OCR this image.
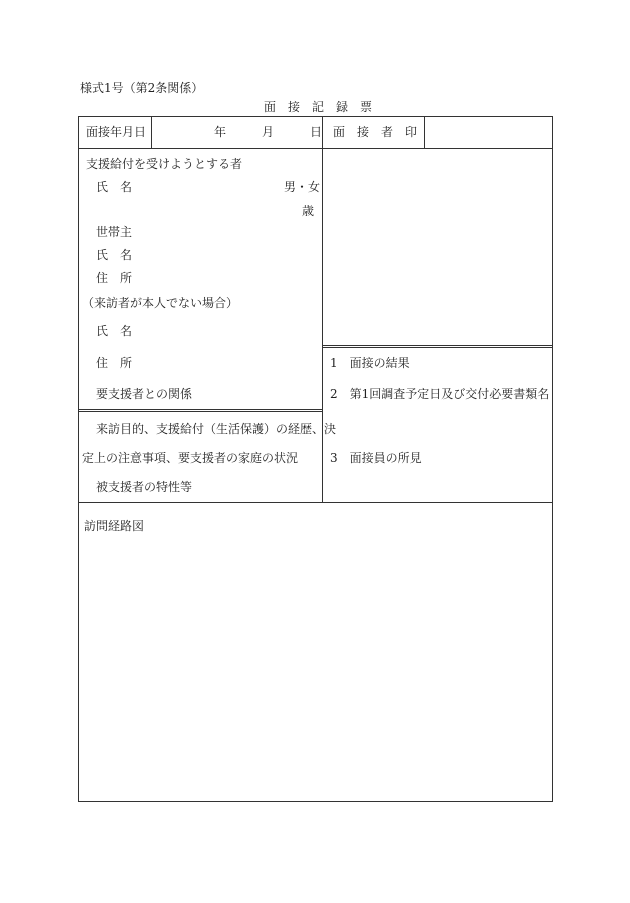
様式1号（第2条関係）
面　接　記　録　票
面接年月日	年	月	日 面　接　者　印
支援給付を受けようとする者
氏　名	男・女
歳
世帯主
氏　名
住　所
（来訪者が本人でない場合）
氏　名
住　所
要支援者との関係
来訪目的、支援給付（生活保護）の経歴、決
定上の注意事項、要支援者の家庭の状況
被支援者の特性等
1　面接の結果
2　第1回調査予定日及び交付必要書類名
3　面接員の所見
訪問経路図
